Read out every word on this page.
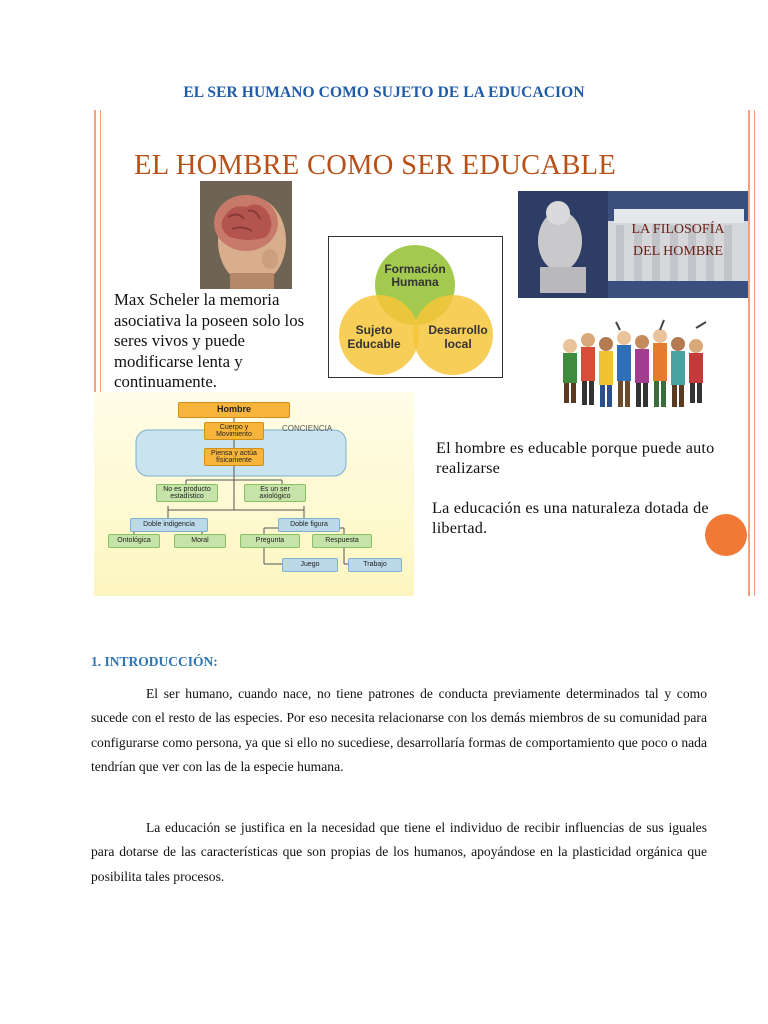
EL SER HUMANO COMO SUJETO DE LA EDUCACION
EL HOMBRE COMO SER EDUCABLE
LA FILOSOFÍA
DEL HOMBRE
Formación Humana
Sujeto Educable
Desarrollo local
Max Scheler la memoria asociativa la poseen solo los seres vivos y puede modificarse lenta y continuamente.
Hombre
Cuerpo y Movimiento
CONCIENCIA
Piensa y actúa físicamente
No es producto estadístico
Es un ser axiológico
Doble indigencia	Doble figura
Ontológica	Moral	Pregunta	Respuesta
Juego	Trabajo
El hombre es educable porque puede auto realizarse
La educación es una naturaleza dotada de libertad.
1. INTRODUCCIÓN:
El ser humano, cuando nace, no tiene patrones de conducta previamente determinados tal y como sucede con el resto de las especies. Por eso necesita relacionarse con los demás miembros de su comunidad para configurarse como persona, ya que si ello no sucediese, desarrollaría formas de comportamiento que poco o nada tendrían que ver con las de la especie humana.
La educación se justifica en la necesidad que tiene el individuo de recibir influencias de sus iguales para dotarse de las características que son propias de los humanos, apoyándose en la plasticidad orgánica que posibilita tales procesos.
